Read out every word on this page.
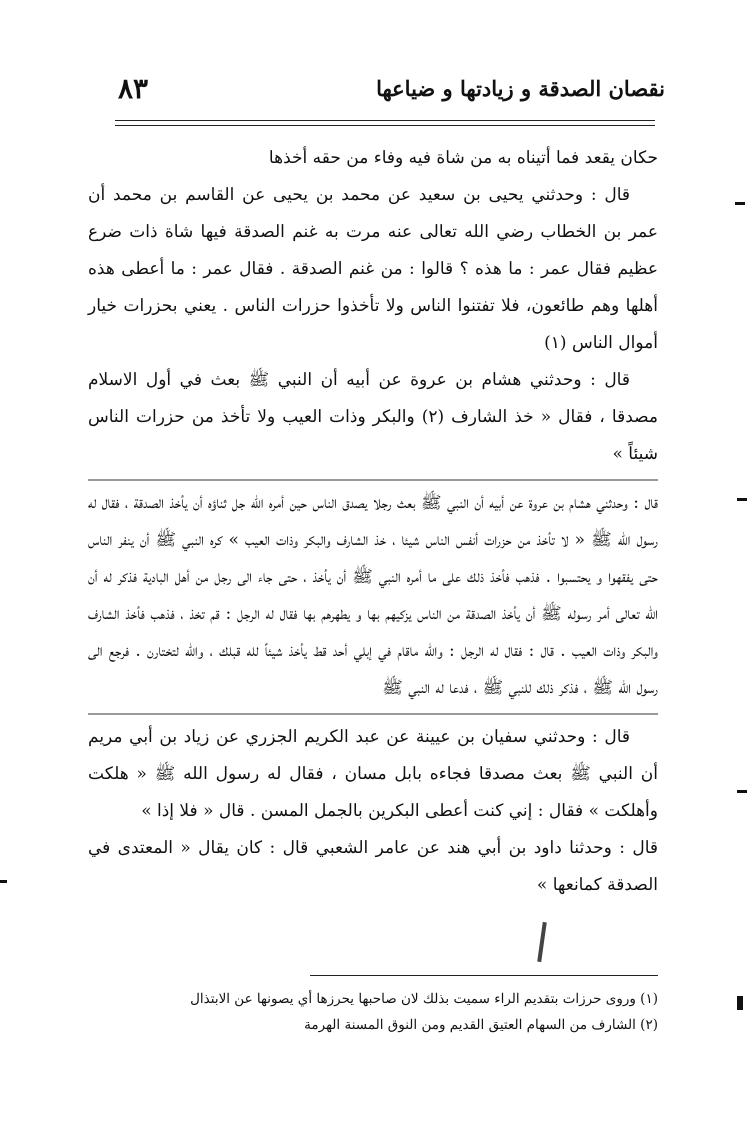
نقصان الصدقة و زيادتها و ضياعها
٨٣

حكان يقعد فما أتيناه به من شاة فيه وفاء من حقه أخذها

قال : وحدثني يحيى بن سعيد عن محمد بن يحيى عن القاسم بن محمد أن عمر بن الخطاب رضي الله تعالى عنه مرت به غنم الصدقة فيها شاة ذات ضرع عظيم فقال عمر : ما هذه ؟ قالوا : من غنم الصدقة . فقال عمر : ما أعطى هذه أهلها وهم طائعون، فلا تفتنوا الناس ولا تأخذوا حزرات الناس . يعني بحزرات خيار أموال الناس (١)

قال : وحدثني هشام بن عروة عن أبيه أن النبي ﷺ بعث في أول الاسلام مصدقا ، فقال « خذ الشارف (٢) والبكر وذات العيب ولا تأخذ من حزرات الناس شيئاً »

قال : وحدثني هشام بن عروة عن أبيه أن النبي ﷺ بعث رجلا يصدق الناس حين أمره الله جل ثناؤه أن يأخذ الصدقة ، فقال له رسول الله ﷺ « لا تأخذ من حزرات أنفس الناس شيئا ، خذ الشارف والبكر وذات العيب » كره النبي ﷺ أن ينفر الناس حتى يفقهوا و يحتسبوا . فذهب فأخذ ذلك على ما أمره النبي ﷺ أن يأخذ ، حتى جاء الى رجل من أهل البادية فذكر له أن الله تعالى أمر رسوله ﷺ أن يأخذ الصدقة من الناس يزكيهم بها و يطهرهم بها فقال له الرجل : قم تخذ ، فذهب فأخذ الشارف والبكر وذات العيب . قال : فقال له الرجل : والله ماقام في إبلي أحد قط يأخذ شيئاً لله قبلك ، والله لتختارن . فرجع الى رسول الله ﷺ ، فذكر ذلك للنبي ﷺ ، فدعا له النبي ﷺ

قال : وحدثني سفيان بن عيينة عن عبد الكريم الجزري عن زياد بن أبي مريم أن النبي ﷺ بعث مصدقا فجاءه بابل مسان ، فقال له رسول الله ﷺ « هلكت وأهلكت » فقال : إني كنت أعطى البكرين بالجمل المسن . قال « فلا إذا »

قال : وحدثنا داود بن أبي هند عن عامر الشعبي قال : كان يقال « المعتدى في الصدقة كمانعها »

(١) وروى حرزات بتقديم الراء سميت بذلك لان صاحبها يحرزها أي يصونها عن الابتذال

(٢) الشارف من السهام العتيق القديم ومن النوق المسنة الهرمة
